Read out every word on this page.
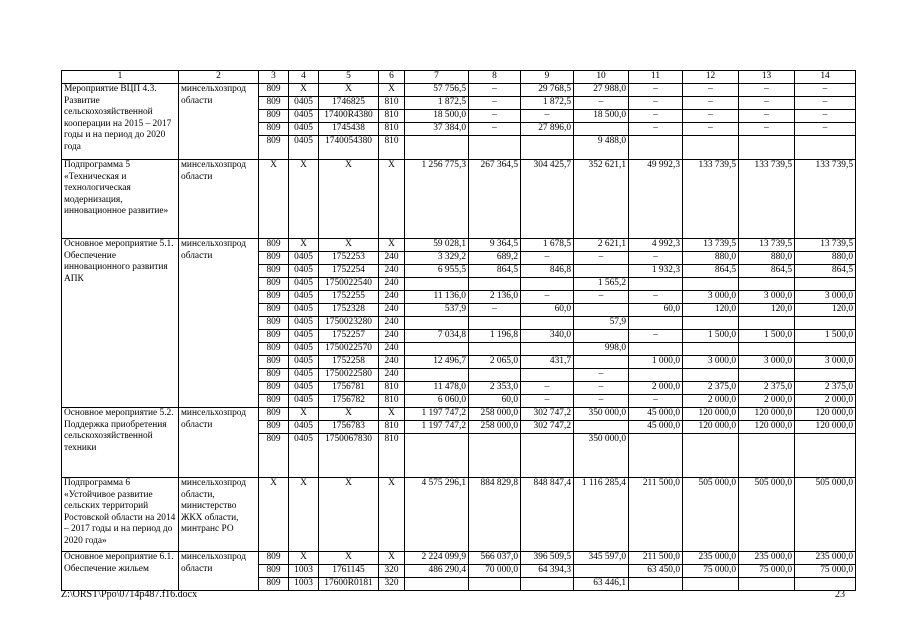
1	2	3	4	5	6	7	8	9	10	11	12	13	14
Мероприятие ВЦП 4.3. Развитие сельскохозяйственной кооперации на 2015 – 2017 годы и на период до 2020 года	минсельхозпрод области	809	Х	Х	Х	57 756,5	–	29 768,5	27 988,0	–	–	–	–
		809	0405	1746825	810	1 872,5	–	1 872,5	–	–	–	–	–
		809	0405	17400R4380	810	18 500,0	–	–	18 500,0	–	–	–	–
		809	0405	1745438	810	37 384,0	–	27 896,0		–	–	–	–
		809	0405	1740054380	810				9 488,0				
Подпрограмма 5 «Техническая и технологическая модернизация, инновационное развитие»	минсельхозпрод области	Х	Х	Х	Х	1 256 775,3	267 364,5	304 425,7	352 621,1	49 992,3	133 739,5	133 739,5	133 739,5
Основное мероприятие 5.1. Обеспечение инновационного развития АПК	минсельхозпрод области	809	Х	Х	Х	59 028,1	9 364,5	1 678,5	2 621,1	4 992,3	13 739,5	13 739,5	13 739,5
		809	0405	1752253	240	3 329,2	689,2	–	–	–	880,0	880,0	880,0
		809	0405	1752254	240	6 955,5	864,5	846,8		1 932,3	864,5	864,5	864,5
		809	0405	1750022540	240				1 565,2				
		809	0405	1752255	240	11 136,0	2 136,0	–	–	–	3 000,0	3 000,0	3 000,0
		809	0405	1752328	240	537,9	–	60,0		60,0	120,0	120,0	120,0
		809	0405	1750023280	240				57,9				
		809	0405	1752257	240	7 034,8	1 196,8	340,0		–	1 500,0	1 500,0	1 500,0
		809	0405	1750022570	240				998,0				
		809	0405	1752258	240	12 496,7	2 065,0	431,7		1 000,0	3 000,0	3 000,0	3 000,0
		809	0405	1750022580	240				–				
		809	0405	1756781	810	11 478,0	2 353,0	–	–	2 000,0	2 375,0	2 375,0	2 375,0
		809	0405	1756782	810	6 060,0	60,0	–	–	–	2 000,0	2 000,0	2 000,0
Основное мероприятие 5.2. Поддержка приобретения сельскохозяйственной техники	минсельхозпрод области	809	Х	Х	Х	1 197 747,2	258 000,0	302 747,2	350 000,0	45 000,0	120 000,0	120 000,0	120 000,0
		809	0405	1756783	810	1 197 747,2	258 000,0	302 747,2		45 000,0	120 000,0	120 000,0	120 000,0
		809	0405	1750067830	810				350 000,0				
Подпрограмма 6 «Устойчивое развитие сельских территорий Ростовской области на 2014 – 2017 годы и на период до 2020 года»	минсельхозпрод области, министерство ЖКХ области, минтранс РО	Х	Х	Х	Х	4 575 296,1	884 829,8	848 847,4	1 116 285,4	211 500,0	505 000,0	505 000,0	505 000,0
Основное мероприятие 6.1. Обеспечение жильем	минсельхозпрод области	809	Х	Х	Х	2 224 099,9	566 037,0	396 509,5	345 597,0	211 500,0	235 000,0	235 000,0	235 000,0
		809	1003	1761145	320	486 290,4	70 000,0	64 394,3		63 450,0	75 000,0	75 000,0	75 000,0
		809	1003	17600R0181	320				63 446,1				
Z:\ORST\Ppo\0714p487.f16.docx	23
